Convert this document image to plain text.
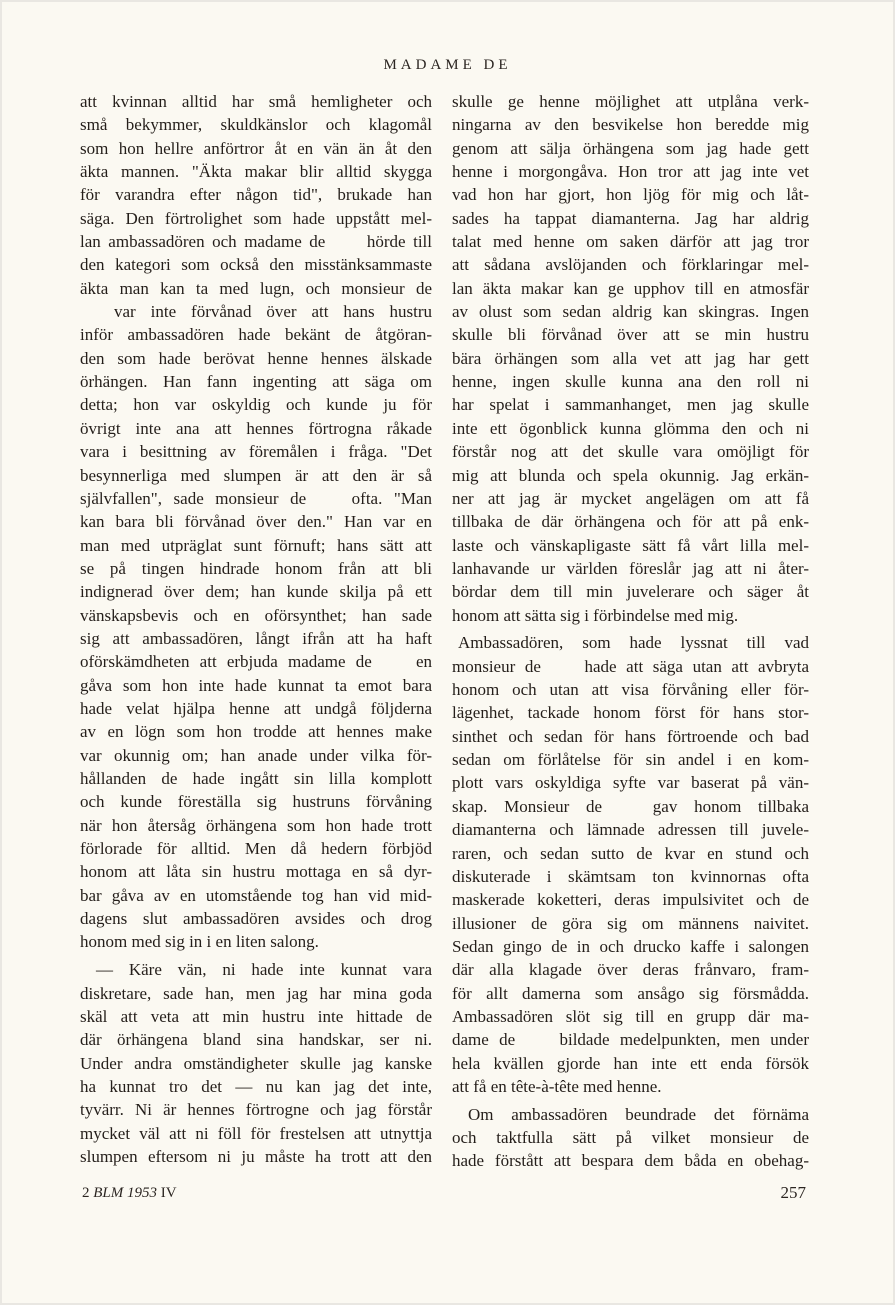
MADAME DE
att kvinnan alltid har små hemligheter och
små bekymmer, skuldkänslor och klagomål
som hon hellre anförtror åt en vän än åt den
äkta mannen. "Äkta makar blir alltid skygga
för varandra efter någon tid", brukade han
säga. Den förtrolighet som hade uppstått mel-
lan ambassadören och madame de   hörde till
den kategori som också den misstänksammaste
äkta man kan ta med lugn, och monsieur de
  var inte förvånad över att hans hustru
inför ambassadören hade bekänt de åtgöran-
den som hade berövat henne hennes älskade
örhängen. Han fann ingenting att säga om
detta; hon var oskyldig och kunde ju för
övrigt inte ana att hennes förtrogna råkade
vara i besittning av föremålen i fråga. "Det
besynnerliga med slumpen är att den är så
självfallen", sade monsieur de   ofta. "Man
kan bara bli förvånad över den." Han var en
man med utpräglat sunt förnuft; hans sätt att
se på tingen hindrade honom från att bli
indignerad över dem; han kunde skilja på ett
vänskapsbevis och en oförsynthet; han sade
sig att ambassadören, långt ifrån att ha haft
oförskämdheten att erbjuda madame de   en
gåva som hon inte hade kunnat ta emot bara
hade velat hjälpa henne att undgå följderna
av en lögn som hon trodde att hennes make
var okunnig om; han anade under vilka för-
hållanden de hade ingått sin lilla komplott
och kunde föreställa sig hustruns förvåning
när hon återsåg örhängena som hon hade trott
förlorade för alltid. Men då hedern förbjöd
honom att låta sin hustru mottaga en så dyr-
bar gåva av en utomstående tog han vid mid-
dagens slut ambassadören avsides och drog
honom med sig in i en liten salong.
— Käre vän, ni hade inte kunnat vara
diskretare, sade han, men jag har mina goda
skäl att veta att min hustru inte hittade de
där örhängena bland sina handskar, ser ni.
Under andra omständigheter skulle jag kanske
ha kunnat tro det — nu kan jag det inte,
tyvärr. Ni är hennes förtrogne och jag förstår
mycket väl att ni föll för frestelsen att utnyttja
slumpen eftersom ni ju måste ha trott att den
skulle ge henne möjlighet att utplåna verk-
ningarna av den besvikelse hon beredde mig
genom att sälja örhängena som jag hade gett
henne i morgongåva. Hon tror att jag inte vet
vad hon har gjort, hon ljög för mig och låt-
sades ha tappat diamanterna. Jag har aldrig
talat med henne om saken därför att jag tror
att sådana avslöjanden och förklaringar mel-
lan äkta makar kan ge upphov till en atmosfär
av olust som sedan aldrig kan skingras. Ingen
skulle bli förvånad över att se min hustru
bära örhängen som alla vet att jag har gett
henne, ingen skulle kunna ana den roll ni
har spelat i sammanhanget, men jag skulle
inte ett ögonblick kunna glömma den och ni
förstår nog att det skulle vara omöjligt för
mig att blunda och spela okunnig. Jag erkän-
ner att jag är mycket angelägen om att få
tillbaka de där örhängena och för att på enk-
laste och vänskapligaste sätt få vårt lilla mel-
lanhavande ur världen föreslår jag att ni åter-
bördar dem till min juvelerare och säger åt
honom att sätta sig i förbindelse med mig.
Ambassadören, som hade lyssnat till vad
monsieur de   hade att säga utan att avbryta
honom och utan att visa förvåning eller för-
lägenhet, tackade honom först för hans stor-
sinthet och sedan för hans förtroende och bad
sedan om förlåtelse för sin andel i en kom-
plott vars oskyldiga syfte var baserat på vän-
skap. Monsieur de   gav honom tillbaka
diamanterna och lämnade adressen till juvele-
raren, och sedan sutto de kvar en stund och
diskuterade i skämtsam ton kvinnornas ofta
maskerade koketteri, deras impulsivitet och de
illusioner de göra sig om männens naivitet.
Sedan gingo de in och drucko kaffe i salongen
där alla klagade över deras frånvaro, fram-
för allt damerna som ansågo sig försmådda.
Ambassadören slöt sig till en grupp där ma-
dame de   bildade medelpunkten, men under
hela kvällen gjorde han inte ett enda försök
att få en tête-à-tête med henne.
Om ambassadören beundrade det förnäma
och taktfulla sätt på vilket monsieur de
hade förstått att bespara dem båda en obehag-
2 BLM 1953 IV	257
